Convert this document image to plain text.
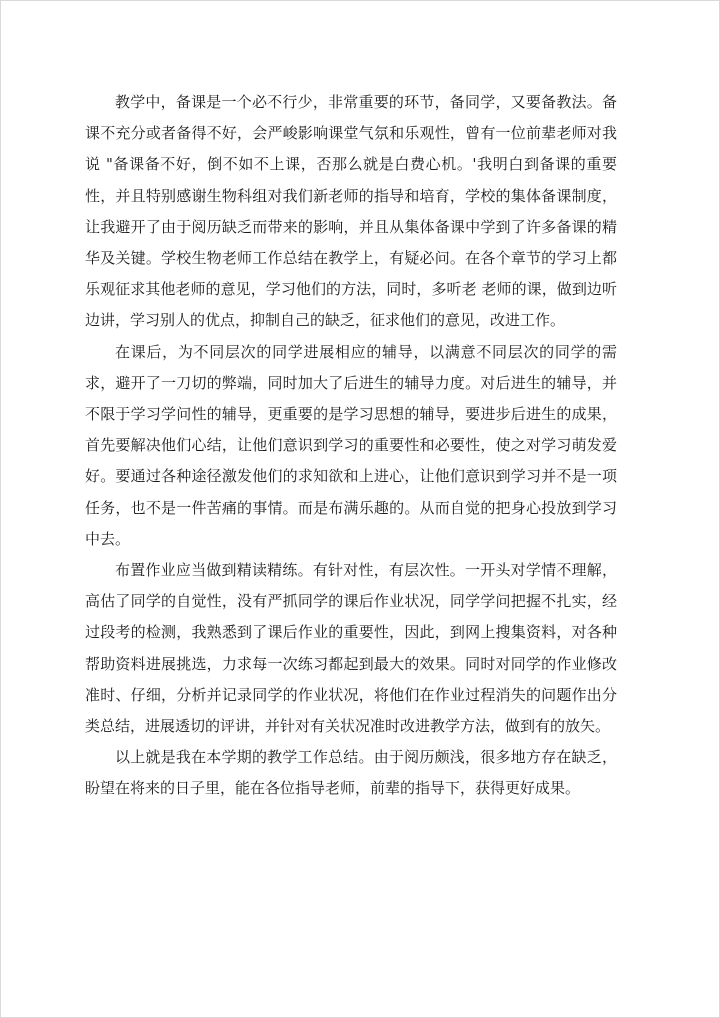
教学中，备课是一个必不行少，非常重要的环节，备同学，又要备教法。备课不充分或者备得不好，会严峻影响课堂气氛和乐观性，曾有一位前辈老师对我说 "备课备不好，倒不如不上课，否那么就是白费心机。'我明白到备课的重要性，并且特别感谢生物科组对我们新老师的指导和培育，学校的集体备课制度，让我避开了由于阅历缺乏而带来的影响，并且从集体备课中学到了许多备课的精华及关键。学校生物老师工作总结在教学上，有疑必问。在各个章节的学习上都乐观征求其他老师的意见，学习他们的方法，同时，多听老 老师的课，做到边听边讲，学习别人的优点，抑制自己的缺乏，征求他们的意见，改进工作。

在课后，为不同层次的同学进展相应的辅导，以满意不同层次的同学的需求，避开了一刀切的弊端，同时加大了后进生的辅导力度。对后进生的辅导，并不限于学习学问性的辅导，更重要的是学习思想的辅导，要进步后进生的成果，首先要解决他们心结，让他们意识到学习的重要性和必要性，使之对学习萌发爱好。要通过各种途径激发他们的求知欲和上进心，让他们意识到学习并不是一项任务，也不是一件苦痛的事情。而是布满乐趣的。从而自觉的把身心投放到学习中去。

布置作业应当做到精读精练。有针对性，有层次性。一开头对学情不理解，高估了同学的自觉性，没有严抓同学的课后作业状况，同学学问把握不扎实，经过段考的检测，我熟悉到了课后作业的重要性，因此，到网上搜集资料，对各种帮助资料进展挑选，力求每一次练习都起到最大的效果。同时对同学的作业修改准时、仔细，分析并记录同学的作业状况，将他们在作业过程消失的问题作出分类总结，进展透切的评讲，并针对有关状况准时改进教学方法，做到有的放矢。

以上就是我在本学期的教学工作总结。由于阅历颇浅，很多地方存在缺乏，盼望在将来的日子里，能在各位指导老师，前辈的指导下，获得更好成果。
